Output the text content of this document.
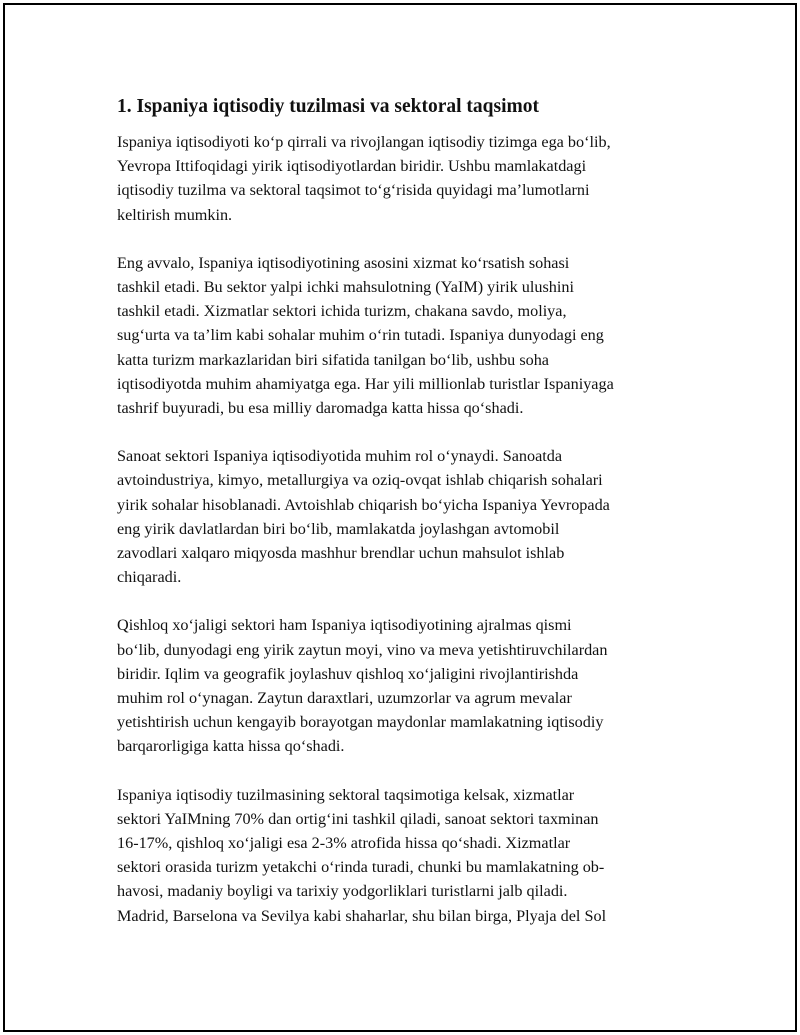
1. Ispaniya iqtisodiy tuzilmasi va sektoral taqsimot
Ispaniya iqtisodiyoti ko‘p qirrali va rivojlangan iqtisodiy tizimga ega bo‘lib,
Yevropa Ittifoqidagi yirik iqtisodiyotlardan biridir. Ushbu mamlakatdagi
iqtisodiy tuzilma va sektoral taqsimot to‘g‘risida quyidagi ma’lumotlarni
keltirish mumkin.
Eng avvalo, Ispaniya iqtisodiyotining asosini xizmat ko‘rsatish sohasi
tashkil etadi. Bu sektor yalpi ichki mahsulotning (YaIM) yirik ulushini
tashkil etadi. Xizmatlar sektori ichida turizm, chakana savdo, moliya,
sug‘urta va ta’lim kabi sohalar muhim o‘rin tutadi. Ispaniya dunyodagi eng
katta turizm markazlaridan biri sifatida tanilgan bo‘lib, ushbu soha
iqtisodiyotda muhim ahamiyatga ega. Har yili millionlab turistlar Ispaniyaga
tashrif buyuradi, bu esa milliy daromadga katta hissa qo‘shadi.
Sanoat sektori Ispaniya iqtisodiyotida muhim rol o‘ynaydi. Sanoatda
avtoindustriya, kimyo, metallurgiya va oziq-ovqat ishlab chiqarish sohalari
yirik sohalar hisoblanadi. Avtoishlab chiqarish bo‘yicha Ispaniya Yevropada
eng yirik davlatlardan biri bo‘lib, mamlakatda joylashgan avtomobil
zavodlari xalqaro miqyosda mashhur brendlar uchun mahsulot ishlab
chiqaradi.
Qishloq xo‘jaligi sektori ham Ispaniya iqtisodiyotining ajralmas qismi
bo‘lib, dunyodagi eng yirik zaytun moyi, vino va meva yetishtiruvchilardan
biridir. Iqlim va geografik joylashuv qishloq xo‘jaligini rivojlantirishda
muhim rol o‘ynagan. Zaytun daraxtlari, uzumzorlar va agrum mevalar
yetishtirish uchun kengayib borayotgan maydonlar mamlakatning iqtisodiy
barqarorligiga katta hissa qo‘shadi.
Ispaniya iqtisodiy tuzilmasining sektoral taqsimotiga kelsak, xizmatlar
sektori YaIMning 70% dan ortig‘ini tashkil qiladi, sanoat sektori taxminan
16-17%, qishloq xo‘jaligi esa 2-3% atrofida hissa qo‘shadi. Xizmatlar
sektori orasida turizm yetakchi o‘rinda turadi, chunki bu mamlakatning ob-
havosi, madaniy boyligi va tarixiy yodgorliklari turistlarni jalb qiladi.
Madrid, Barselona va Sevilya kabi shaharlar, shu bilan birga, Plyaja del Sol
